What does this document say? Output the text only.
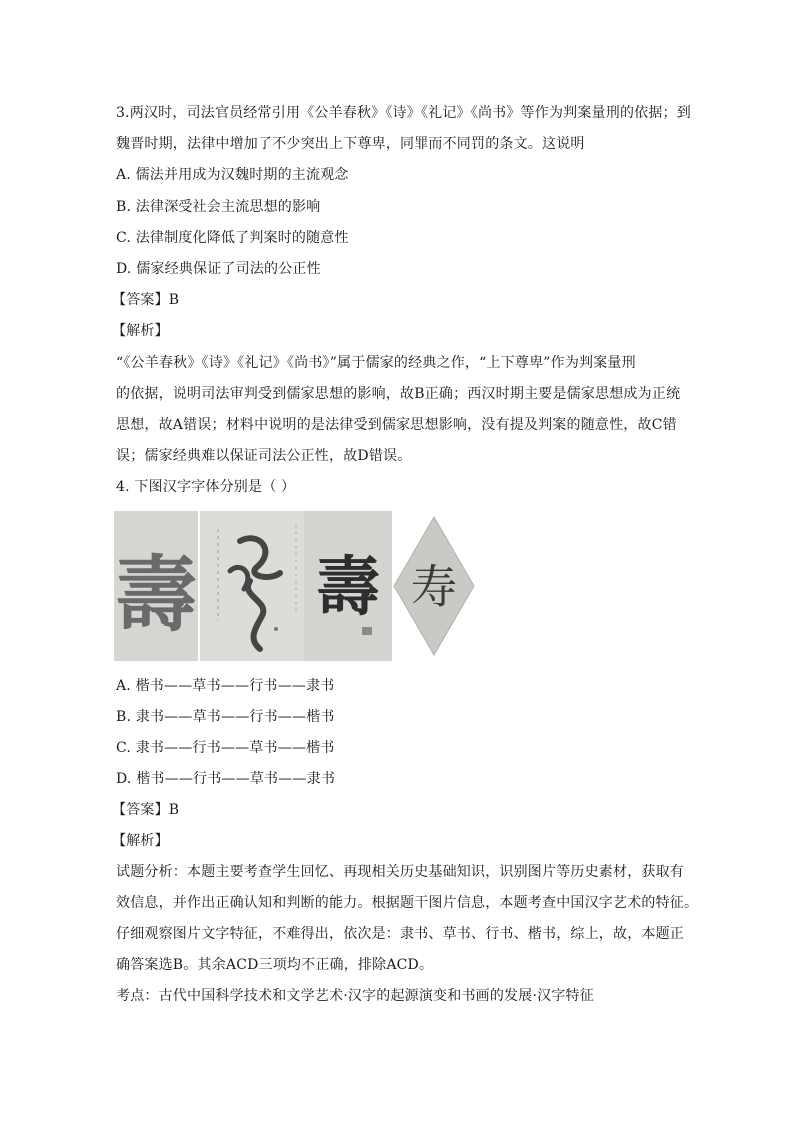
3.两汉时，司法官员经常引用《公羊春秋》《诗》《礼记》《尚书》等作为判案量刑的依据；到
魏晋时期，法律中增加了不少突出上下尊卑，同罪而不同罚的条文。这说明
A. 儒法并用成为汉魏时期的主流观念
B. 法律深受社会主流思想的影响
C. 法律制度化降低了判案时的随意性
D. 儒家经典保证了司法的公正性
【答案】B
【解析】
“《公羊春秋》《诗》《礼记》《尚书》”属于儒家的经典之作，“上下尊卑”作为判案量刑
的依据，说明司法审判受到儒家思想的影响，故B正确；西汉时期主要是儒家思想成为正统
思想，故A错误；材料中说明的是法律受到儒家思想影响，没有提及判案的随意性，故C错
误；儒家经典难以保证司法公正性，故D错误。
4. 下图汉字字体分别是（ ）
壽 壽 寿
A. 楷书——草书——行书——隶书
B. 隶书——草书——行书——楷书
C. 隶书——行书——草书——楷书
D. 楷书——行书——草书——隶书
【答案】B
【解析】
试题分析：本题主要考查学生回忆、再现相关历史基础知识，识别图片等历史素材，获取有
效信息，并作出正确认知和判断的能力。根据题干图片信息，本题考查中国汉字艺术的特征。
仔细观察图片文字特征，不难得出，依次是：隶书、草书、行书、楷书，综上，故，本题正
确答案选B。其余ACD三项均不正确，排除ACD。
考点：古代中国科学技术和文学艺术·汉字的起源演变和书画的发展·汉字特征
